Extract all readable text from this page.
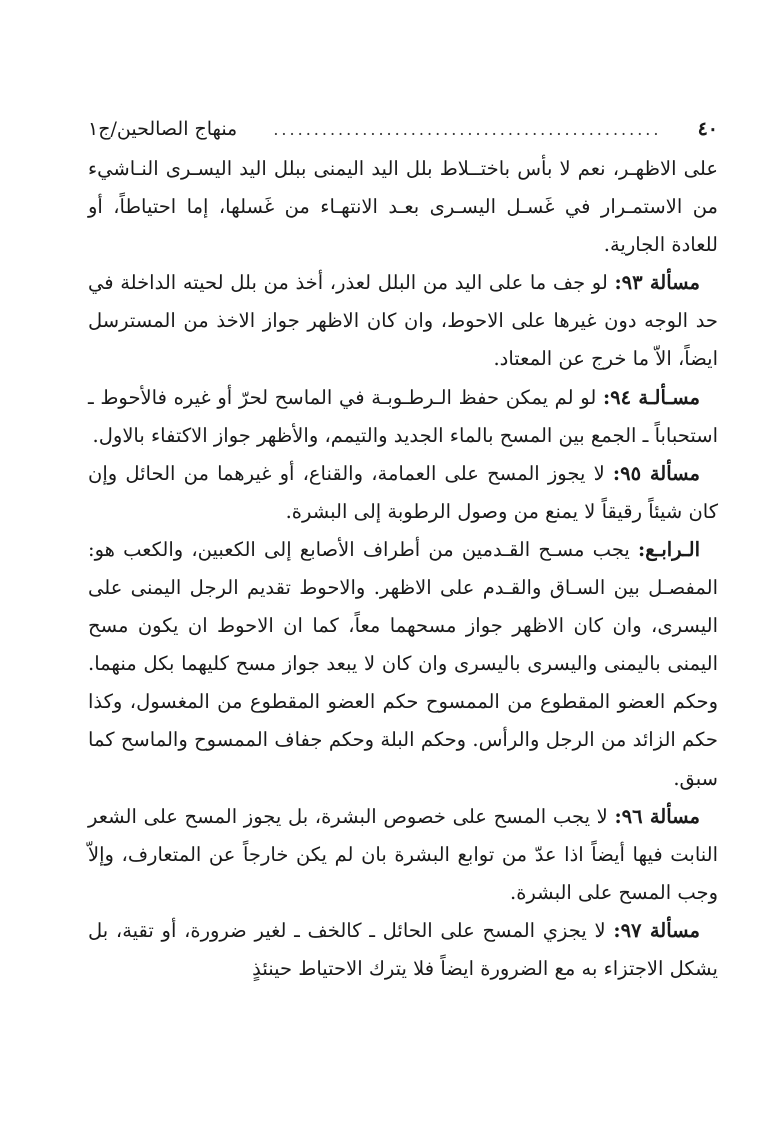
٤٠
................................................
منهاج الصالحين/ج١

على الاظهـر، نعم لا بأس باختــلاط بلل اليد اليمنى ببلل اليد اليسـرى النـاشيء من الاستمـرار في غَسـل اليسـرى بعـد الانتهـاء من غَسلها، إما احتياطاً، أو للعادة الجارية.

مسألة ٩٣: لو جف ما على اليد من البلل لعذر، أخذ من بلل لحيته الداخلة في حد الوجه دون غيرها على الاحوط، وان كان الاظهر جواز الاخذ من المسترسل ايضاً، الاّ ما خرج عن المعتاد.

مسـألـة ٩٤: لو لم يمكن حفظ الـرطـوبـة في الماسح لحرّ أو غيره فالأحوط ـ استحباباً ـ الجمع بين المسح بالماء الجديد والتيمم، والأظهر جواز الاكتفاء بالاول.

مسألة ٩٥: لا يجوز المسح على العمامة، والقناع، أو غيرهما من الحائل وإن كان شيئاً رقيقاً لا يمنع من وصول الرطوبة إلى البشرة.

الـرابـع: يجب مسـح القـدمين من أطراف الأصابع إلى الكعبين، والكعب هو: المفصـل بين السـاق والقـدم على الاظهر. والاحوط تقديم الرجل اليمنى على اليسرى، وان كان الاظهر جواز مسحهما معاً، كما ان الاحوط ان يكون مسح اليمنى باليمنى واليسرى باليسرى وان كان لا يبعد جواز مسح كليهما بكل منهما. وحكم العضو المقطوع من الممسوح حكم العضو المقطوع من المغسول، وكذا حكم الزائد من الرجل والرأس. وحكم البلة وحكم جفاف الممسوح والماسح كما سبق.

مسألة ٩٦: لا يجب المسح على خصوص البشرة، بل يجوز المسح على الشعر النابت فيها أيضاً اذا عدّ من توابع البشرة بان لم يكن خارجاً عن المتعارف، وإلاّ وجب المسح على البشرة.

مسألة ٩٧: لا يجزي المسح على الحائل ـ كالخف ـ لغير ضرورة، أو تقية، بل يشكل الاجتزاء به مع الضرورة ايضاً فلا يترك الاحتياط حينئذٍ
